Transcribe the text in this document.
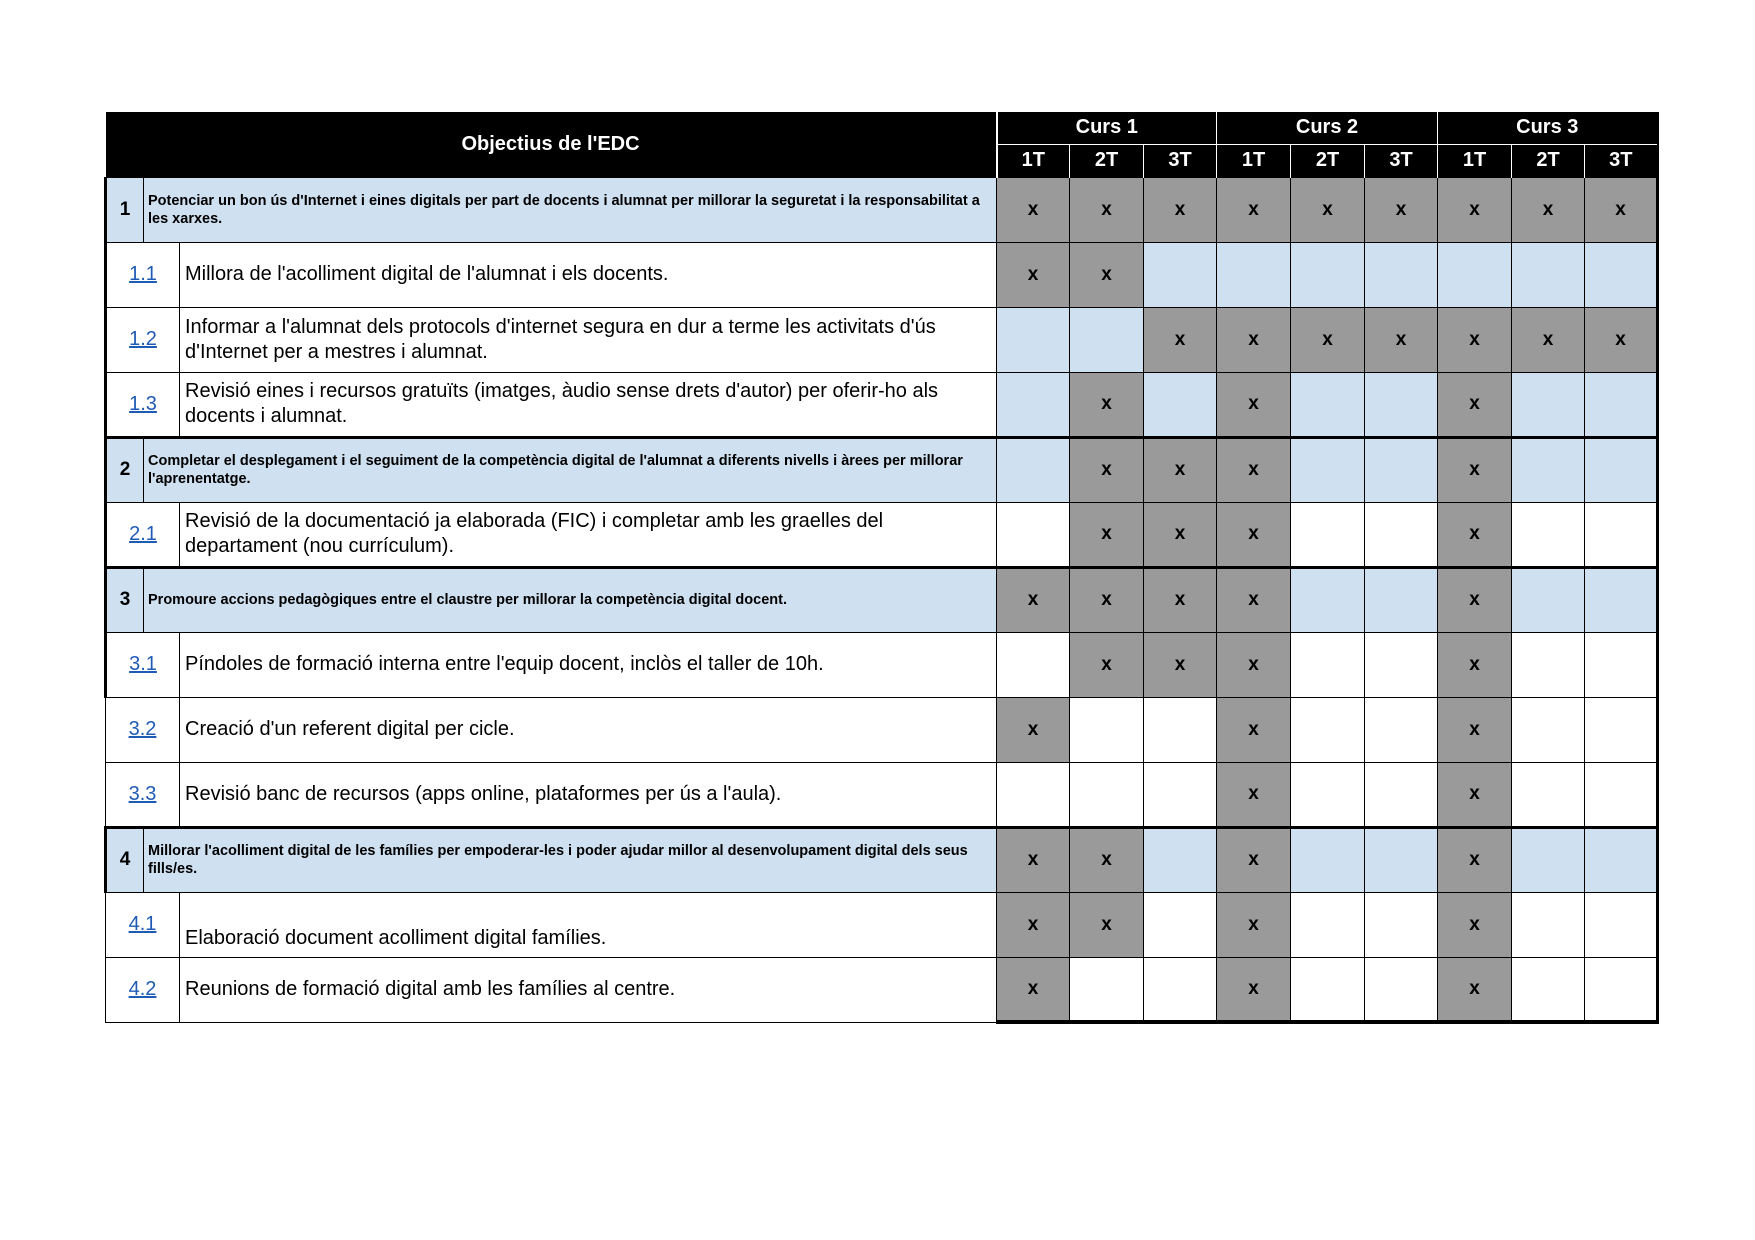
Objectius de l'EDC			Curs 1			Curs 2			Curs 3		
			1T	2T	3T	1T	2T	3T	1T	2T	3T
1	Potenciar un bon ús d'Internet i eines digitals per part de docents i alumnat per millorar la seguretat i la responsabilitat a les xarxes.		x	x	x	x	x	x	x	x	x
1.1		Millora de l'acolliment digital de l'alumnat i els docents.	x	x							
1.2		Informar a l'alumnat dels protocols d'internet segura en dur a terme les activitats d'ús d'Internet per a mestres i alumnat.			x	x	x	x	x	x	x
1.3		Revisió eines i recursos gratuïts (imatges, àudio sense drets d'autor) per oferir-ho als docents i alumnat.		x		x			x		
2	Completar el desplegament i el seguiment de la competència digital de l'alumnat a diferents nivells i àrees per millorar l'aprenentatge.			x	x	x			x		
2.1		Revisió de la documentació ja elaborada (FIC) i completar amb les graelles del departament (nou currículum).		x	x	x			x		
3	Promoure accions pedagògiques entre el claustre per millorar la competència digital docent.		x	x	x	x			x		
3.1		Píndoles de formació interna entre l'equip docent, inclòs el taller de 10h.		x	x	x			x		
3.2		Creació d'un referent digital per cicle.	x			x			x		
3.3		Revisió banc de recursos (apps online, plataformes per ús a l'aula).				x			x		
4	Millorar l'acolliment digital de les famílies per empoderar-les i poder ajudar millor al desenvolupament digital dels seus fills/es.		x	x		x			x		
4.1		Elaboració document acolliment digital famílies.	x	x		x			x		
4.2		Reunions de formació digital amb les famílies al centre.	x			x			x		
